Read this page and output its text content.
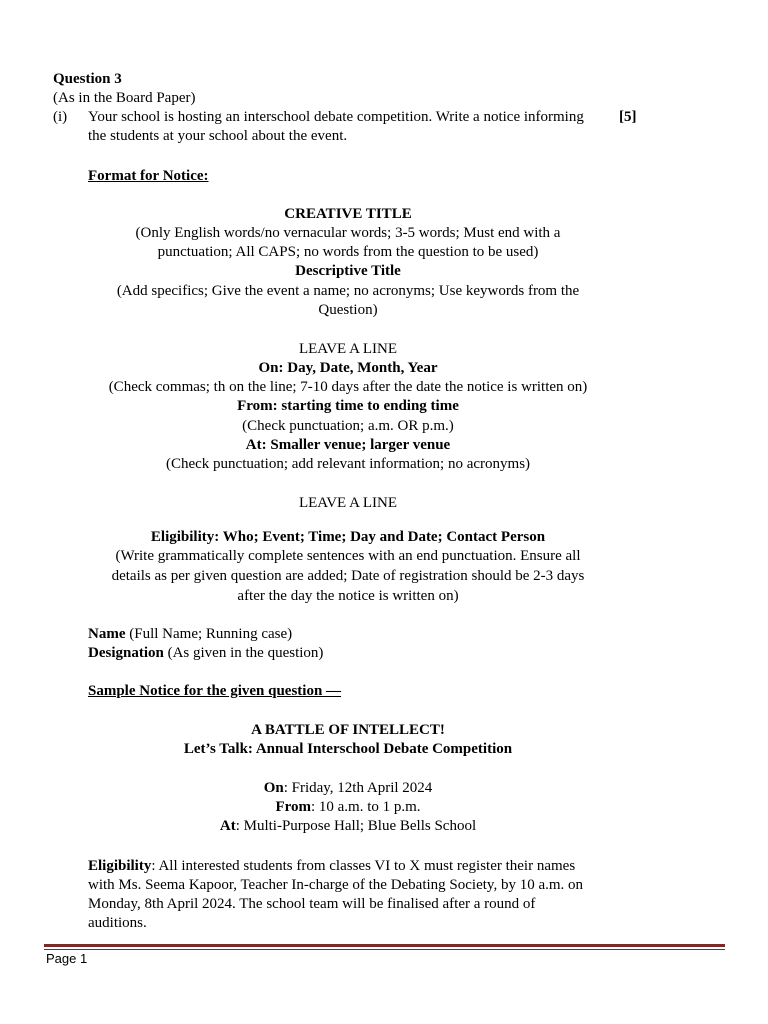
Question 3
(As in the Board Paper)
(i) Your school is hosting an interschool debate competition. Write a notice informing [5]
the students at your school about the event.
Format for Notice:
CREATIVE TITLE
(Only English words/no vernacular words; 3-5 words; Must end with a
punctuation; All CAPS; no words from the question to be used)
Descriptive Title
(Add specifics; Give the event a name; no acronyms; Use keywords from the
Question)
LEAVE A LINE
On: Day, Date, Month, Year
(Check commas; th on the line; 7-10 days after the date the notice is written on)
From: starting time to ending time
(Check punctuation; a.m. OR p.m.)
At: Smaller venue; larger venue
(Check punctuation; add relevant information; no acronyms)
LEAVE A LINE
Eligibility: Who; Event; Time; Day and Date; Contact Person
(Write grammatically complete sentences with an end punctuation. Ensure all
details as per given question are added; Date of registration should be 2-3 days
after the day the notice is written on)
Name (Full Name; Running case)
Designation (As given in the question)
Sample Notice for the given question —
A BATTLE OF INTELLECT!
Let’s Talk: Annual Interschool Debate Competition
On: Friday, 12th April 2024
From: 10 a.m. to 1 p.m.
At: Multi-Purpose Hall; Blue Bells School
Eligibility: All interested students from classes VI to X must register their names
with Ms. Seema Kapoor, Teacher In-charge of the Debating Society, by 10 a.m. on
Monday, 8th April 2024. The school team will be finalised after a round of
auditions.
Page 1
